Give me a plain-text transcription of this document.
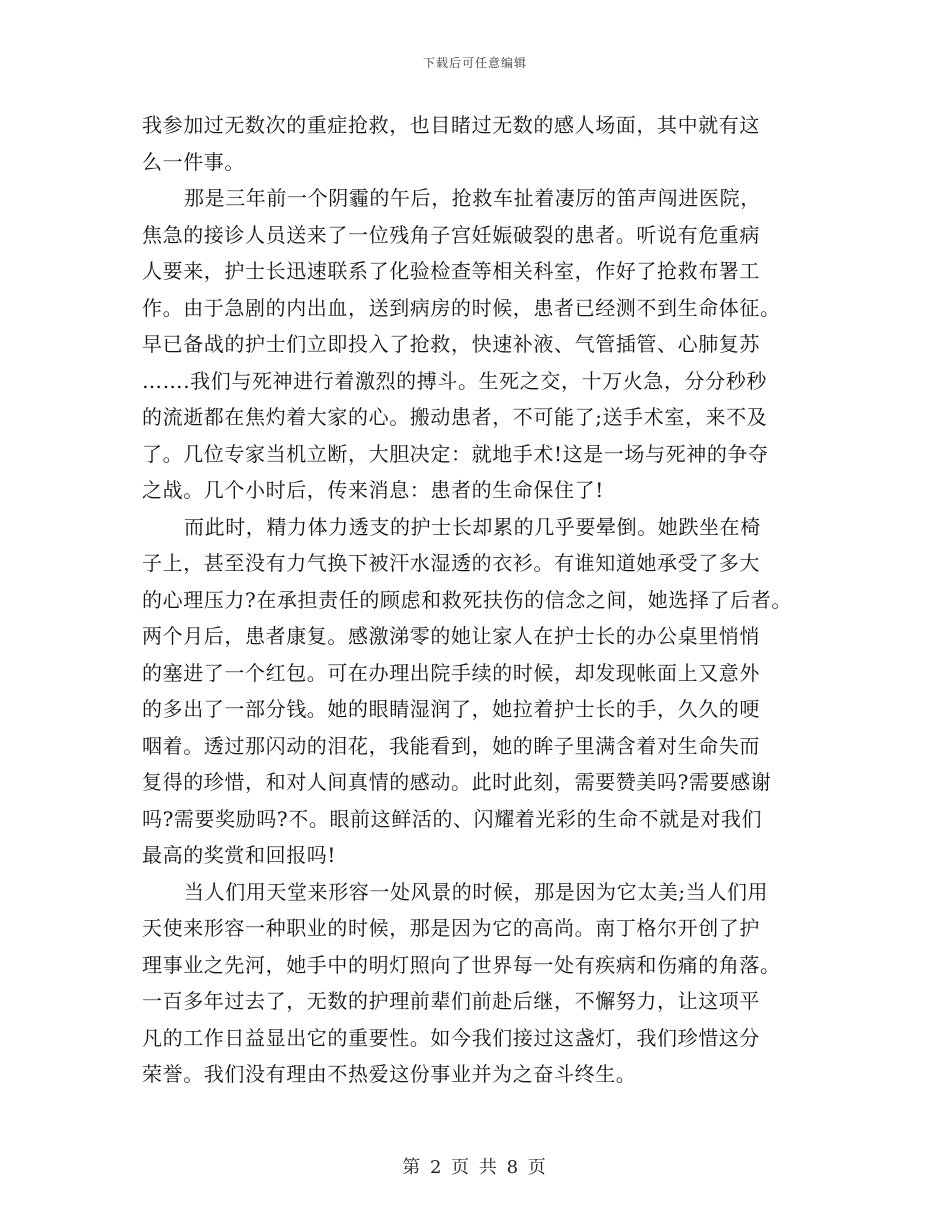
下载后可任意编辑
我参加过无数次的重症抢救，也目睹过无数的感人场面，其中就有这
么一件事。
那是三年前一个阴霾的午后，抢救车扯着凄厉的笛声闯进医院，
焦急的接诊人员送来了一位残角子宫妊娠破裂的患者。听说有危重病
人要来，护士长迅速联系了化验检查等相关科室，作好了抢救布署工
作。由于急剧的内出血，送到病房的时候，患者已经测不到生命体征。
早已备战的护士们立即投入了抢救，快速补液、气管插管、心肺复苏
…….我们与死神进行着激烈的搏斗。生死之交，十万火急，分分秒秒
的流逝都在焦灼着大家的心。搬动患者，不可能了;送手术室，来不及
了。几位专家当机立断，大胆决定：就地手术!这是一场与死神的争夺
之战。几个小时后，传来消息：患者的生命保住了!
而此时，精力体力透支的护士长却累的几乎要晕倒。她跌坐在椅
子上，甚至没有力气换下被汗水湿透的衣衫。有谁知道她承受了多大
的心理压力?在承担责任的顾虑和救死扶伤的信念之间，她选择了后者。
两个月后，患者康复。感激涕零的她让家人在护士长的办公桌里悄悄
的塞进了一个红包。可在办理出院手续的时候，却发现帐面上又意外
的多出了一部分钱。她的眼睛湿润了，她拉着护士长的手，久久的哽
咽着。透过那闪动的泪花，我能看到，她的眸子里满含着对生命失而
复得的珍惜，和对人间真情的感动。此时此刻，需要赞美吗?需要感谢
吗?需要奖励吗?不。眼前这鲜活的、闪耀着光彩的生命不就是对我们
最高的奖赏和回报吗!
当人们用天堂来形容一处风景的时候，那是因为它太美;当人们用
天使来形容一种职业的时候，那是因为它的高尚。南丁格尔开创了护
理事业之先河，她手中的明灯照向了世界每一处有疾病和伤痛的角落。
一百多年过去了，无数的护理前辈们前赴后继，不懈努力，让这项平
凡的工作日益显出它的重要性。如今我们接过这盏灯，我们珍惜这分
荣誉。我们没有理由不热爱这份事业并为之奋斗终生。
第 2 页 共 8 页
